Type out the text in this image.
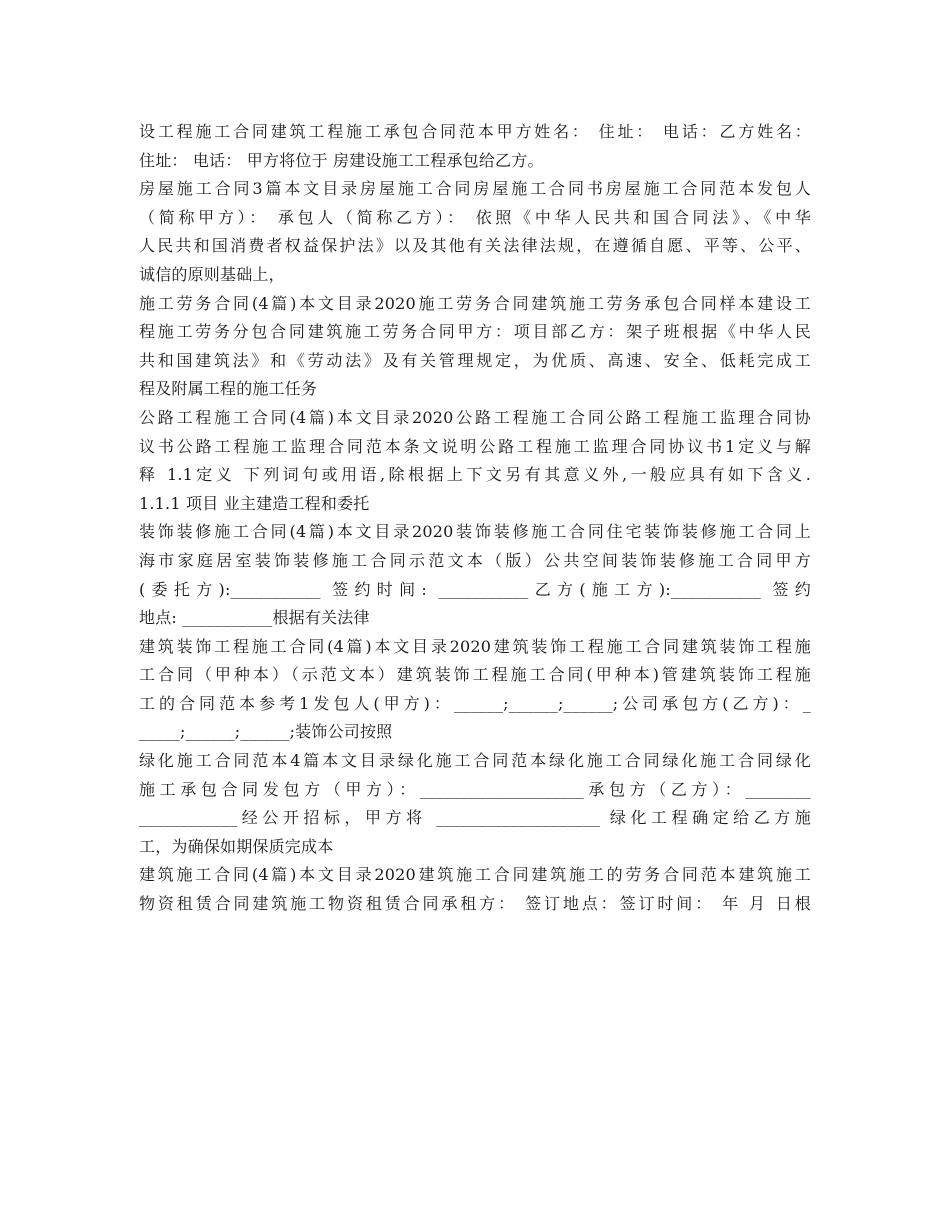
设工程施工合同建筑工程施工承包合同范本甲方姓名： 住址： 电话：乙方姓名：
住址： 电话： 甲方将位于 房建设施工工程承包给乙方。
房屋施工合同3篇本文目录房屋施工合同房屋施工合同书房屋施工合同范本发包人
（简称甲方）： 承包人（简称乙方）： 依照《中华人民共和国合同法》、《中华
人民共和国消费者权益保护法》以及其他有关法律法规，在遵循自愿、平等、公平、
诚信的原则基础上，
施工劳务合同(4篇)本文目录2020施工劳务合同建筑施工劳务承包合同样本建设工
程施工劳务分包合同建筑施工劳务合同甲方：项目部乙方：架子班根据《中华人民
共和国建筑法》和《劳动法》及有关管理规定，为优质、高速、安全、低耗完成工
程及附属工程的施工任务
公路工程施工合同(4篇)本文目录2020公路工程施工合同公路工程施工监理合同协
议书公路工程施工监理合同范本条文说明公路工程施工监理合同协议书1定义与解
释 1.1定义 下列词句或用语,除根据上下文另有其意义外,一般应具有如下含义.
1.1.1 项目 业主建造工程和委托
装饰装修施工合同(4篇)本文目录2020装饰装修施工合同住宅装饰装修施工合同上
海市家庭居室装饰装修施工合同示范文本（版）公共空间装饰装修施工合同甲方
(委托方):___________ 签约时间: ___________乙方(施工方):___________ 签约
地点: ___________根据有关法律
建筑装饰工程施工合同(4篇)本文目录2020建筑装饰工程施工合同建筑装饰工程施
工合同（甲种本）（示范文本）建筑装饰工程施工合同(甲种本)管建筑装饰工程施
工的合同范本参考1发包人(甲方)：______;______;______;公司承包方(乙方)：_
_____;______;______;装饰公司按照
绿化施工合同范本4篇本文目录绿化施工合同范本绿化施工合同绿化施工合同绿化
施工承包合同发包方（甲方）：____________________承包方（乙方）：________
____________经公开招标，甲方将 ____________________ 绿化工程确定给乙方施
工，为确保如期保质完成本
建筑施工合同(4篇)本文目录2020建筑施工合同建筑施工的劳务合同范本建筑施工
物资租赁合同建筑施工物资租赁合同承租方： 签订地点：签订时间： 年 月 日根
